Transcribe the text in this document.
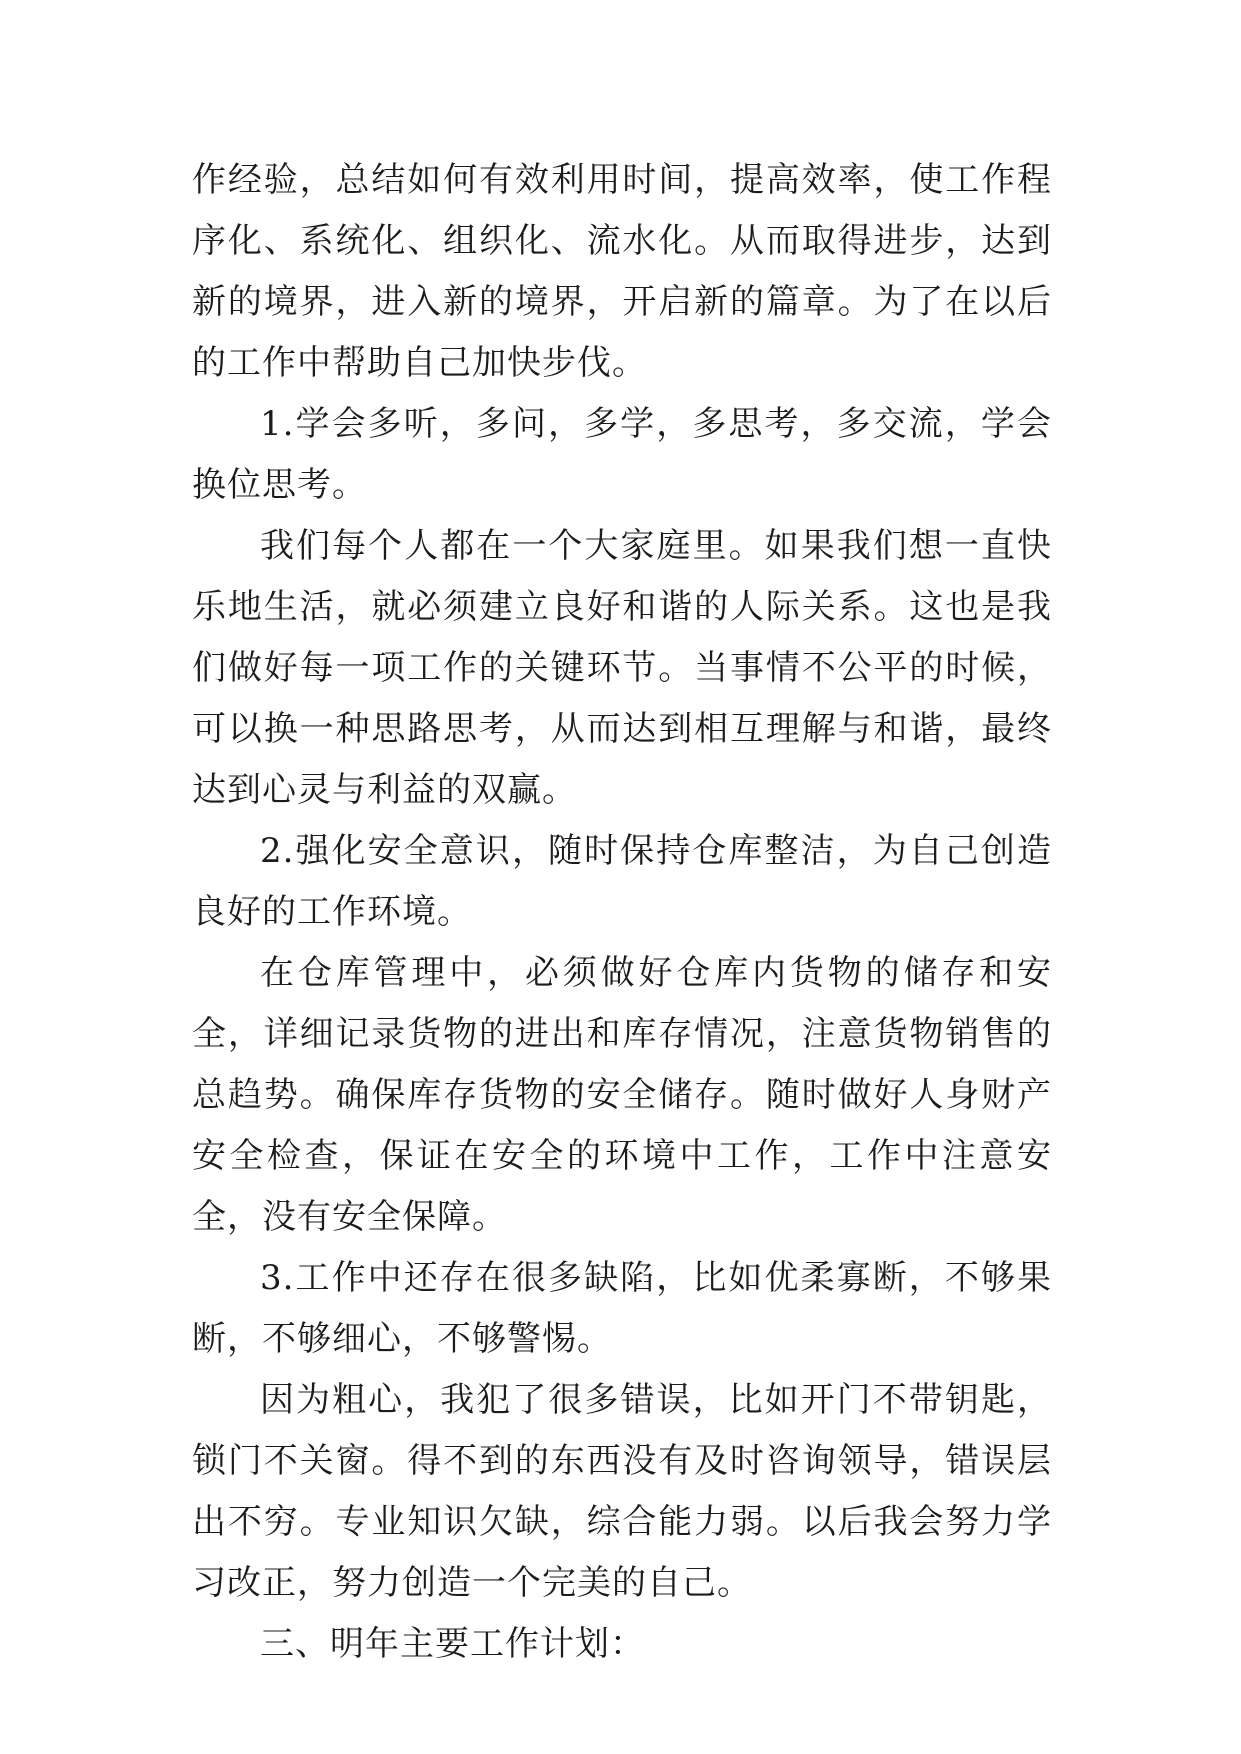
作经验，总结如何有效利用时间，提高效率，使工作程序化、系统化、组织化、流水化。从而取得进步，达到新的境界，进入新的境界，开启新的篇章。为了在以后的工作中帮助自己加快步伐。

1.学会多听，多问，多学，多思考，多交流，学会换位思考。

我们每个人都在一个大家庭里。如果我们想一直快乐地生活，就必须建立良好和谐的人际关系。这也是我们做好每一项工作的关键环节。当事情不公平的时候，可以换一种思路思考，从而达到相互理解与和谐，最终达到心灵与利益的双赢。

2.强化安全意识，随时保持仓库整洁，为自己创造良好的工作环境。

在仓库管理中，必须做好仓库内货物的储存和安全，详细记录货物的进出和库存情况，注意货物销售的总趋势。确保库存货物的安全储存。随时做好人身财产安全检查，保证在安全的环境中工作，工作中注意安全，没有安全保障。

3.工作中还存在很多缺陷，比如优柔寡断，不够果断，不够细心，不够警惕。

因为粗心，我犯了很多错误，比如开门不带钥匙，锁门不关窗。得不到的东西没有及时咨询领导，错误层出不穷。专业知识欠缺，综合能力弱。以后我会努力学习改正，努力创造一个完美的自己。

三、明年主要工作计划：
